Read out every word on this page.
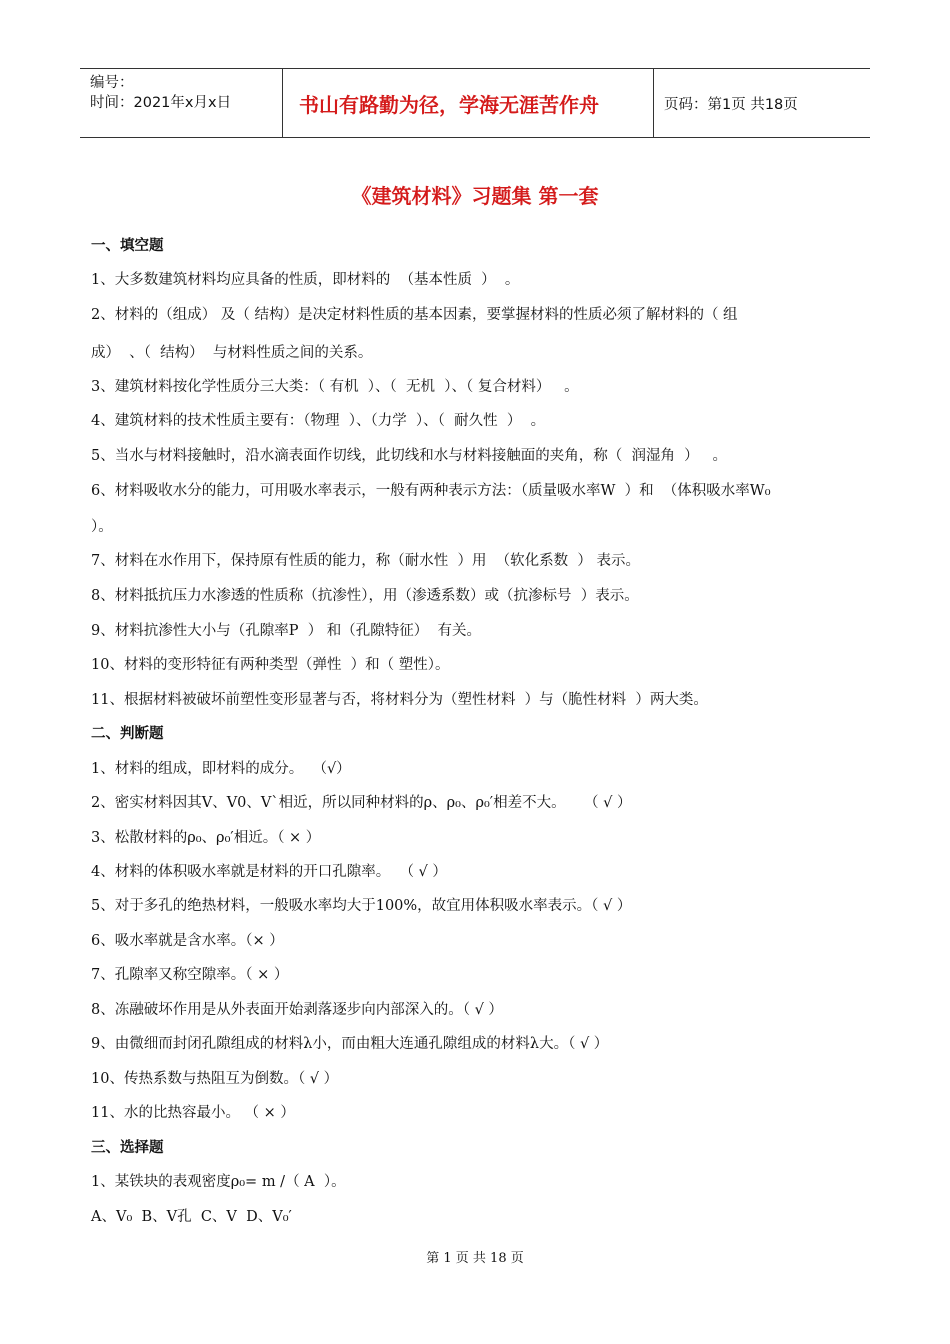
编号：
时间：2021年x月x日	书山有路勤为径，学海无涯苦作舟	页码：第1页 共18页
《建筑材料》习题集 第一套
一、填空题
1、大多数建筑材料均应具备的性质，即材料的  （基本性质  ）  。
2、材料的（组成） 及（ 结构）是决定材料性质的基本因素，要掌握材料的性质必须了解材料的（ 组
成）  、（  结构）  与材料性质之间的关系。
3、建筑材料按化学性质分三大类：（ 有机  ）、（  无机  ）、（ 复合材料）   。
4、建筑材料的技术性质主要有：（物理  ）、（力学  ）、（  耐久性  ）  。
5、当水与材料接触时，沿水滴表面作切线，此切线和水与材料接触面的夹角，称（  润湿角  ）   。
6、材料吸收水分的能力，可用吸水率表示，一般有两种表示方法：（质量吸水率W  ）和  （体积吸水率W₀
）。
7、材料在水作用下，保持原有性质的能力，称（耐水性  ）用  （软化系数  ） 表示。
8、材料抵抗压力水渗透的性质称（抗渗性），用（渗透系数）或（抗渗标号  ）表示。
9、材料抗渗性大小与（孔隙率P  ） 和（孔隙特征）  有关。
10、材料的变形特征有两种类型（弹性  ）和（ 塑性）。
11、根据材料被破坏前塑性变形显著与否，将材料分为（塑性材料  ）与（脆性材料  ）两大类。
二、判断题
1、材料的组成，即材料的成分。  （√）
2、密实材料因其V、V0、V`相近，所以同种材料的ρ、ρ₀、ρ₀′相差不大。    （ √ ）
3、松散材料的ρ₀、ρ₀′相近。（ × ）
4、材料的体积吸水率就是材料的开口孔隙率。  （ √ ）
5、对于多孔的绝热材料，一般吸水率均大于100%，故宜用体积吸水率表示。（ √ ）
6、吸水率就是含水率。（× ）
7、孔隙率又称空隙率。（ × ）
8、冻融破坏作用是从外表面开始剥落逐步向内部深入的。（ √ ）
9、由微细而封闭孔隙组成的材料λ小，而由粗大连通孔隙组成的材料λ大。（ √ ）
10、传热系数与热阻互为倒数。（ √ ）
11、水的比热容最小。 （ × ）
三、选择题
1、某铁块的表观密度ρ₀= m /（ A  ）。
A、V₀  B、V孔  C、V  D、V₀′
第 1 页 共 18 页
